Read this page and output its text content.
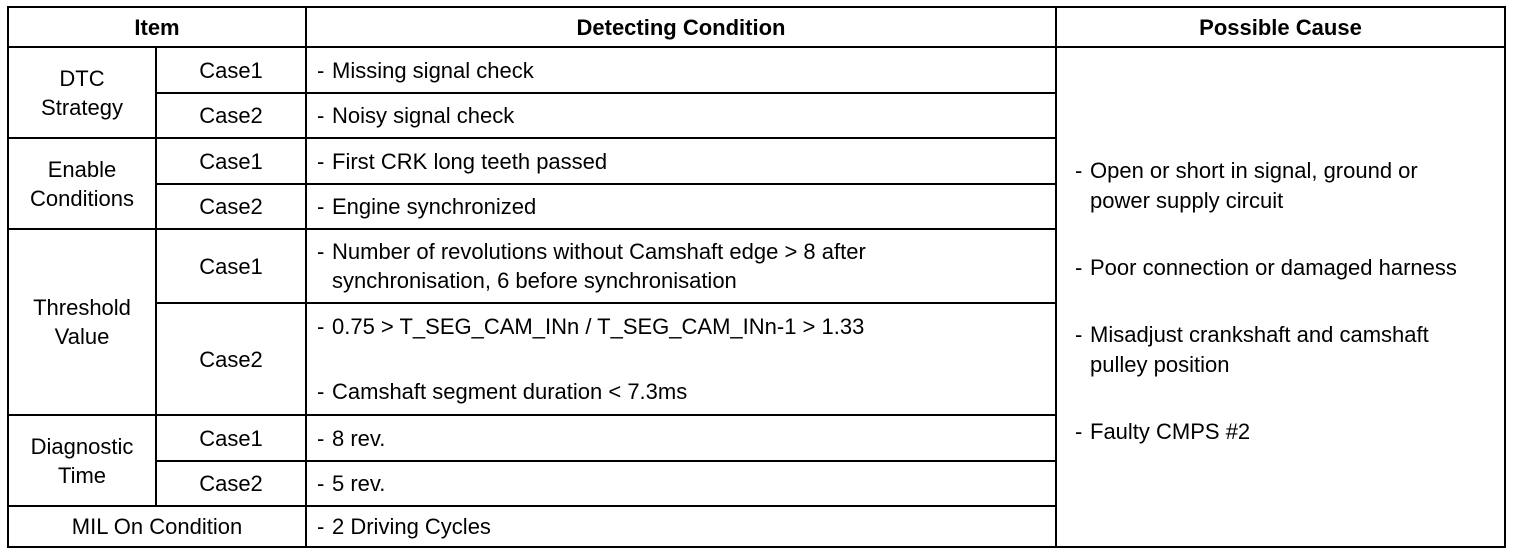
Item	Detecting Condition	Possible Cause
DTC Strategy
Enable Conditions
Threshold Value
Diagnostic Time
MIL On Condition
Case1
Case2
Case1
Case2
Case1
Case2
Case1
Case2
- Missing signal check
- Noisy signal check
- First CRK long teeth passed
- Engine synchronized
- Number of revolutions without Camshaft edge > 8 after synchronisation, 6 before synchronisation
- 0.75 > T_SEG_CAM_INn / T_SEG_CAM_INn-1 > 1.33
- Camshaft segment duration < 7.3ms
- 8 rev.
- 5 rev.
- 2 Driving Cycles
- Open or short in signal, ground or power supply circuit
- Poor connection or damaged harness
- Misadjust crankshaft and camshaft pulley position
- Faulty CMPS #2
